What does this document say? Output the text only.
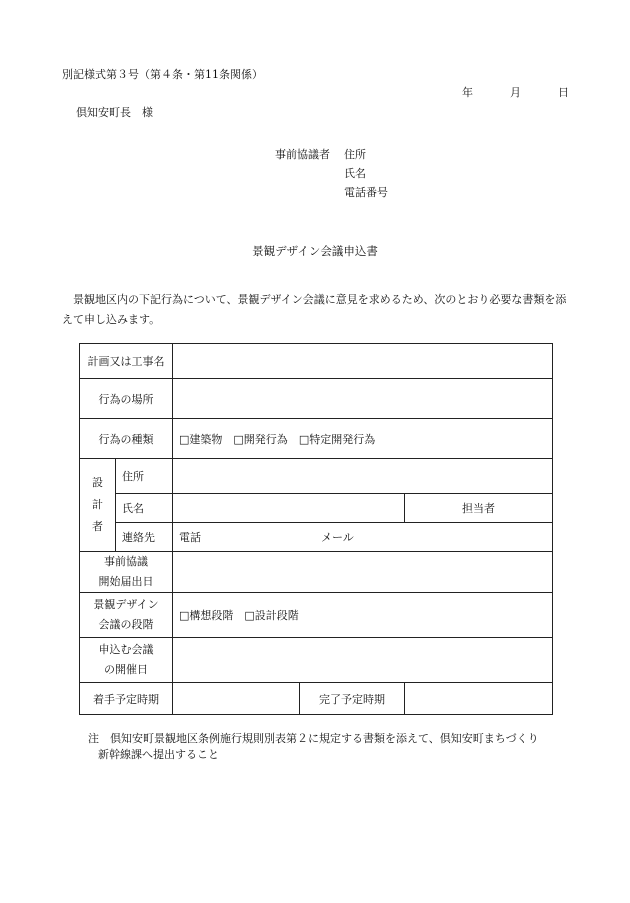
別記様式第３号（第４条・第11条関係）
年	月	日
倶知安町長　様
事前協議者 住所
氏名
電話番号
景観デザイン会議申込書
景観地区内の下記行為について、景観デザイン会議に意見を求めるため、次のとおり必要な書類を添えて申し込みます。
計画又は工事名					
行為の場所					
行為の種類		□建築物　 □開発行為　 □特定開発行為			

設
計
者	住所				
	氏名			担当者	
	連絡先	電話 メール			

事前協議
開始届出日					

景観デザイン
会議の段階		□構想段階　 □設計段階			

申込む会議
の開催日					

着手予定時期			完了予定時期		
注　 倶知安町景観地区条例施行規則別表第２に規定する書類を添えて、倶知安町まちづくり
新幹線課へ提出すること
